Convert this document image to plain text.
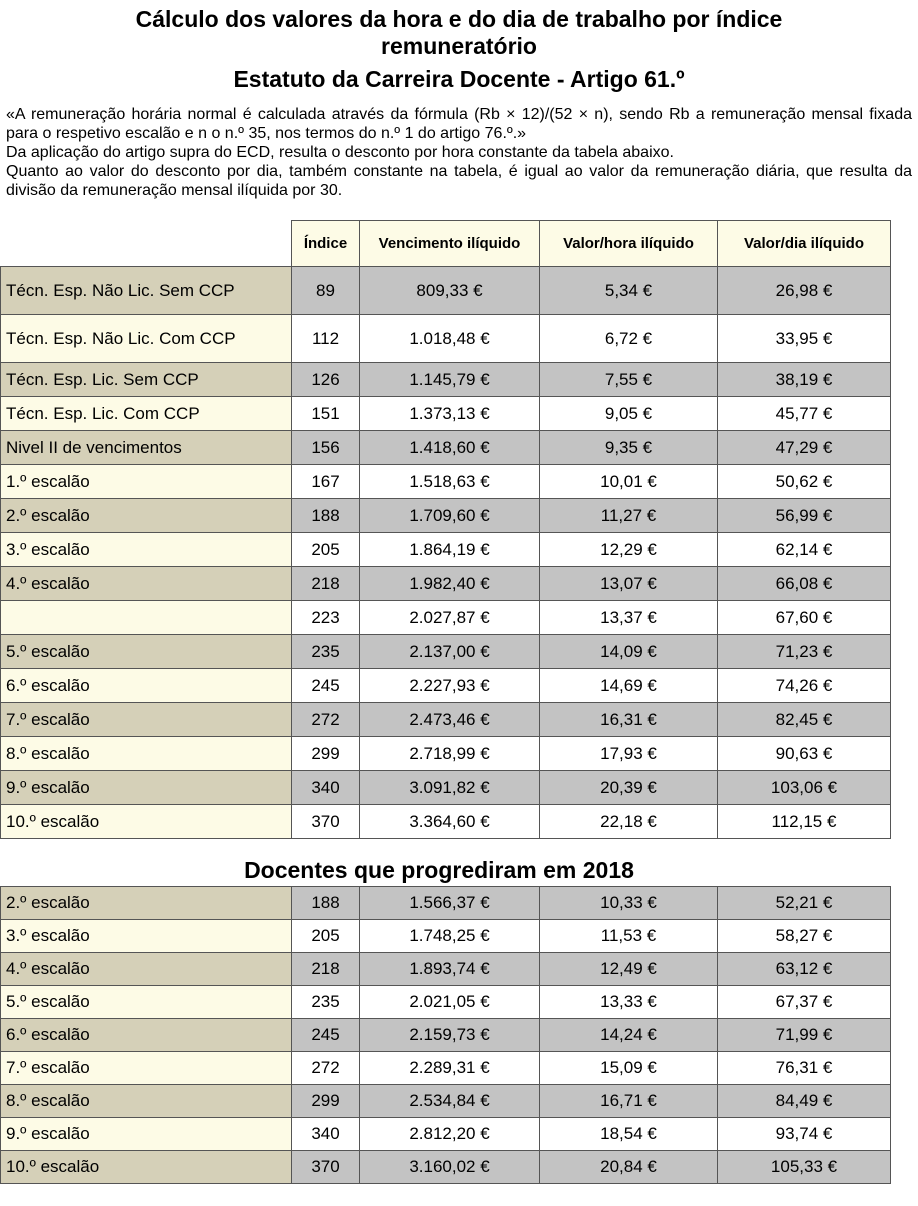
Cálculo dos valores da hora e do dia de trabalho por índice
remuneratório
Estatuto da Carreira Docente - Artigo 61.º

«A remuneração horária normal é calculada através da fórmula (Rb × 12)/(52 × n), sendo Rb a remuneração mensal fixada para o respetivo escalão e n o n.º 35, nos termos do n.º 1 do artigo 76.º.»

Da aplicação do artigo supra do ECD, resulta o desconto por hora constante da tabela abaixo.

Quanto ao valor do desconto por dia, também constante na tabela, é igual ao valor da remuneração diária, que resulta da divisão da remuneração mensal ilíquida por 30.

	Índice	Vencimento ilíquido	Valor/hora ilíquido	Valor/dia ilíquido
Técn. Esp. Não Lic. Sem CCP	89	809,33 €	5,34 €	26,98 €
Técn. Esp. Não Lic. Com CCP	112	1.018,48 €	6,72 €	33,95 €
Técn. Esp. Lic. Sem CCP	126	1.145,79 €	7,55 €	38,19 €
Técn. Esp. Lic. Com CCP	151	1.373,13 €	9,05 €	45,77 €
Nivel II de vencimentos	156	1.418,60 €	9,35 €	47,29 €
1.º escalão	167	1.518,63 €	10,01 €	50,62 €
2.º escalão	188	1.709,60 €	11,27 €	56,99 €
3.º escalão	205	1.864,19 €	12,29 €	62,14 €
4.º escalão	218	1.982,40 €	13,07 €	66,08 €
	223	2.027,87 €	13,37 €	67,60 €
5.º escalão	235	2.137,00 €	14,09 €	71,23 €
6.º escalão	245	2.227,93 €	14,69 €	74,26 €
7.º escalão	272	2.473,46 €	16,31 €	82,45 €
8.º escalão	299	2.718,99 €	17,93 €	90,63 €
9.º escalão	340	3.091,82 €	20,39 €	103,06 €
10.º escalão	370	3.364,60 €	22,18 €	112,15 €
Docentes que progrediram em 2018
2.º escalão	188	1.566,37 €	10,33 €	52,21 €
3.º escalão	205	1.748,25 €	11,53 €	58,27 €
4.º escalão	218	1.893,74 €	12,49 €	63,12 €
5.º escalão	235	2.021,05 €	13,33 €	67,37 €
6.º escalão	245	2.159,73 €	14,24 €	71,99 €
7.º escalão	272	2.289,31 €	15,09 €	76,31 €
8.º escalão	299	2.534,84 €	16,71 €	84,49 €
9.º escalão	340	2.812,20 €	18,54 €	93,74 €
10.º escalão	370	3.160,02 €	20,84 €	105,33 €
